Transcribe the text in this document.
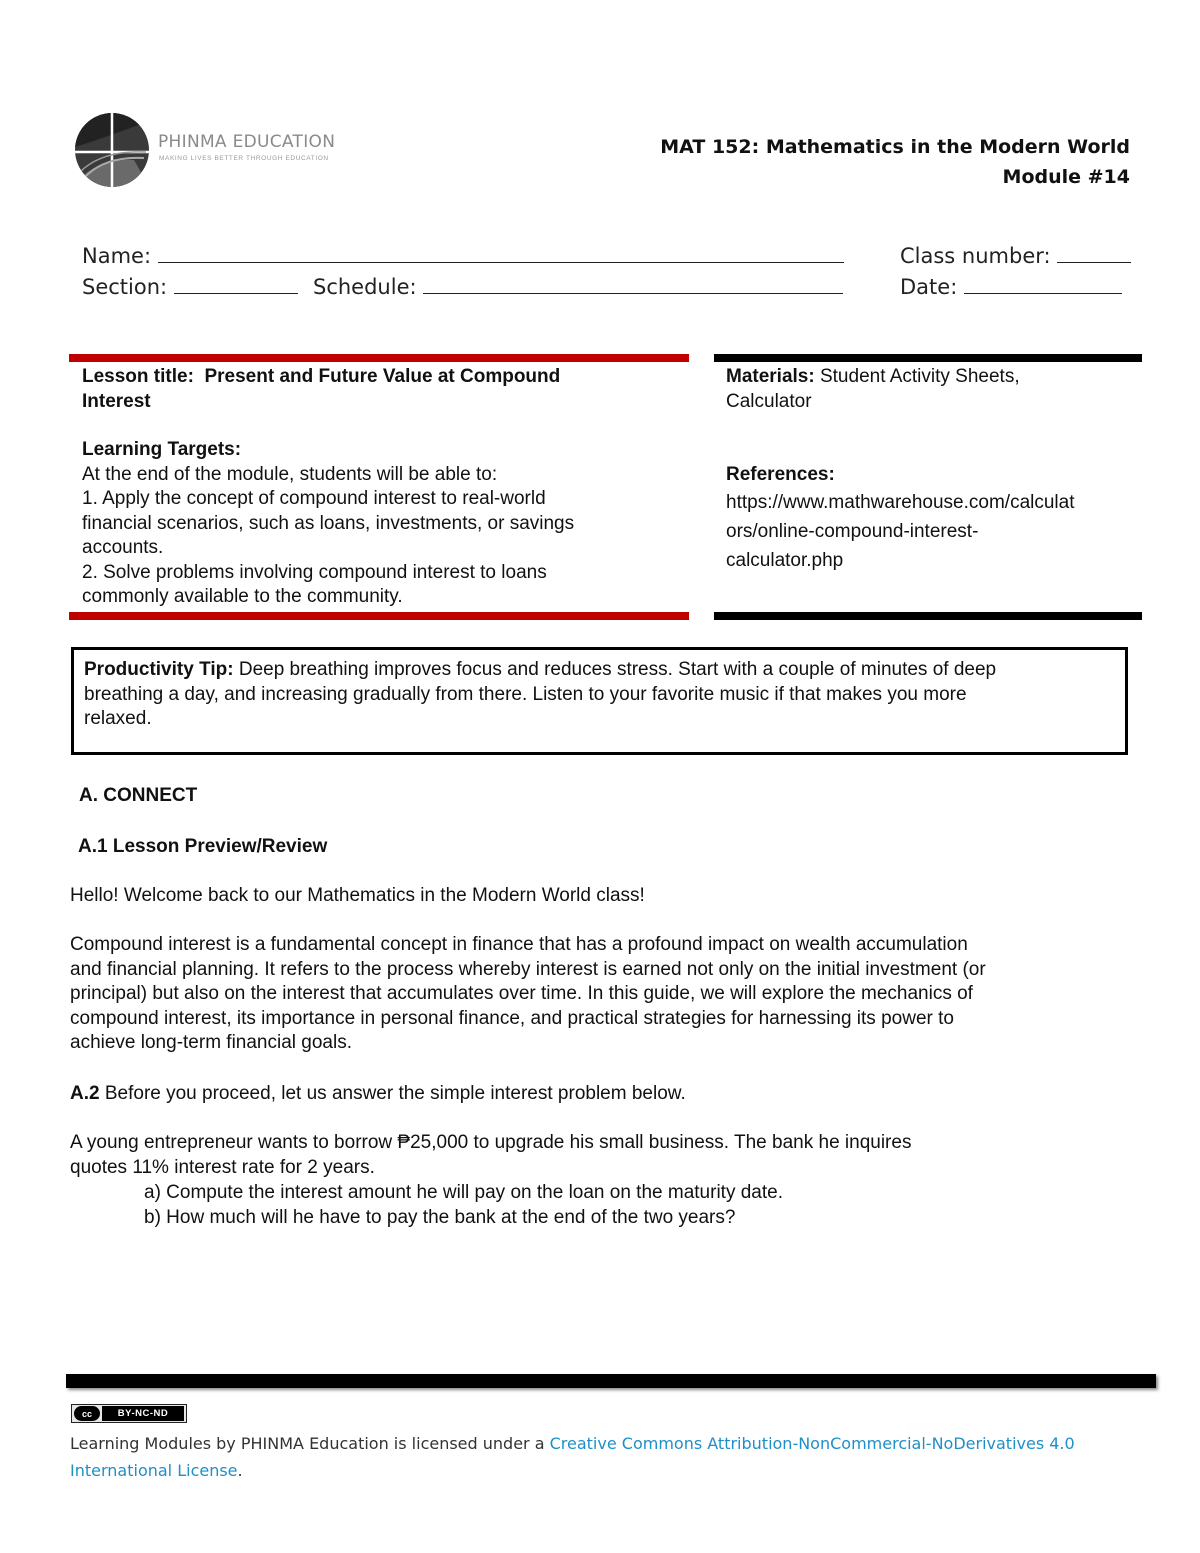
PHINMA EDUCATION
MAKING LIVES BETTER THROUGH EDUCATION
MAT 152: Mathematics in the Modern World
Module #14
Name:	Class number:
Section:	Schedule:	Date:
Lesson title: Present and Future Value at Compound
Interest
Learning Targets:
At the end of the module, students will be able to:
1. Apply the concept of compound interest to real-world
financial scenarios, such as loans, investments, or savings
accounts.
2. Solve problems involving compound interest to loans
commonly available to the community.
Materials: Student Activity Sheets,
Calculator
References:
https://www.mathwarehouse.com/calculat
ors/online-compound-interest-
calculator.php
Productivity Tip: Deep breathing improves focus and reduces stress. Start with a couple of minutes of deep
breathing a day, and increasing gradually from there. Listen to your favorite music if that makes you more
relaxed.
A. CONNECT
A.1 Lesson Preview/Review
Hello! Welcome back to our Mathematics in the Modern World class!
Compound interest is a fundamental concept in finance that has a profound impact on wealth accumulation
and financial planning. It refers to the process whereby interest is earned not only on the initial investment (or
principal) but also on the interest that accumulates over time. In this guide, we will explore the mechanics of
compound interest, its importance in personal finance, and practical strategies for harnessing its power to
achieve long-term financial goals.
A.2 Before you proceed, let us answer the simple interest problem below.
A young entrepreneur wants to borrow ₱25,000 to upgrade his small business. The bank he inquires
quotes 11% interest rate for 2 years.
a) Compute the interest amount he will pay on the loan on the maturity date.
b) How much will he have to pay the bank at the end of the two years?
cc	BY-NC-ND
Learning Modules by PHINMA Education is licensed under a Creative Commons Attribution-NonCommercial-NoDerivatives 4.0
International License.
